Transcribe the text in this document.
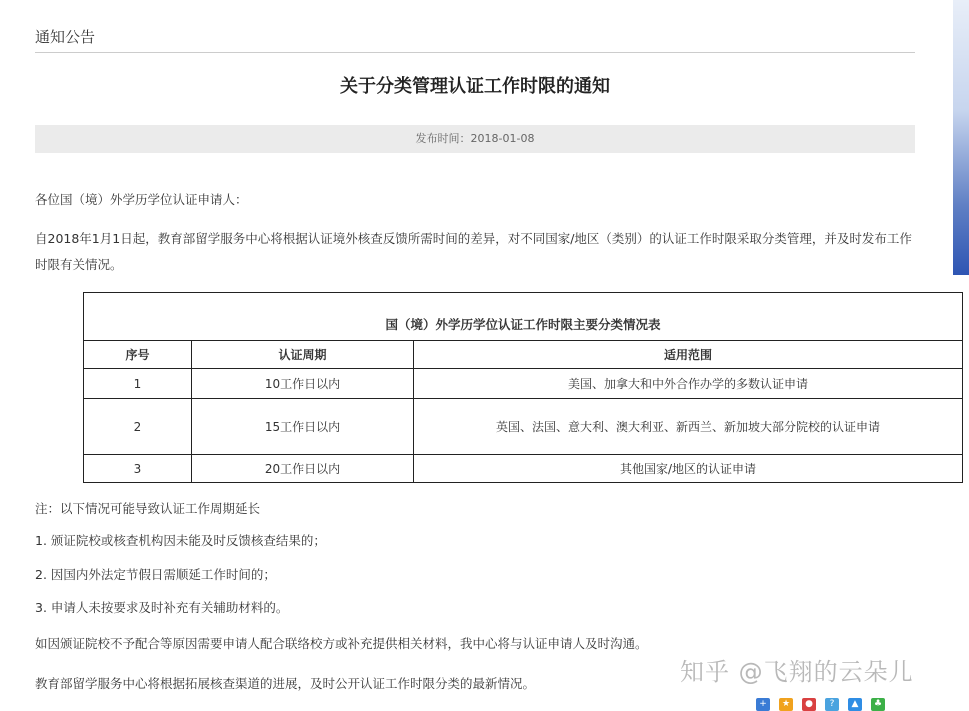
通知公告
关于分类管理认证工作时限的通知
发布时间：2018-01-08

各位国（境）外学历学位认证申请人：

自2018年1月1日起，教育部留学服务中心将根据认证境外核查反馈所需时间的差异，对不同国家/地区（类别）的认证工作时限采取分类管理，并及时发布工作时限有关情况。

国（境）外学历学位认证工作时限主要分类情况表		
序号	认证周期	适用范围
1	10工作日以内	美国、加拿大和中外合作办学的多数认证申请
2	15工作日以内	英国、法国、意大利、澳大利亚、新西兰、新加坡大部分院校的认证申请
3	20工作日以内	其他国家/地区的认证申请

注：以下情况可能导致认证工作周期延长

1. 颁证院校或核查机构因未能及时反馈核查结果的；

2. 因国内外法定节假日需顺延工作时间的；

3. 申请人未按要求及时补充有关辅助材料的。

如因颁证院校不予配合等原因需要申请人配合联络校方或补充提供相关材料，我中心将与认证申请人及时沟通。

教育部留学服务中心将根据拓展核查渠道的进展，及时公开认证工作时限分类的最新情况。	知乎 @飞翔的云朵儿
+	★	●	?	▲	♣
